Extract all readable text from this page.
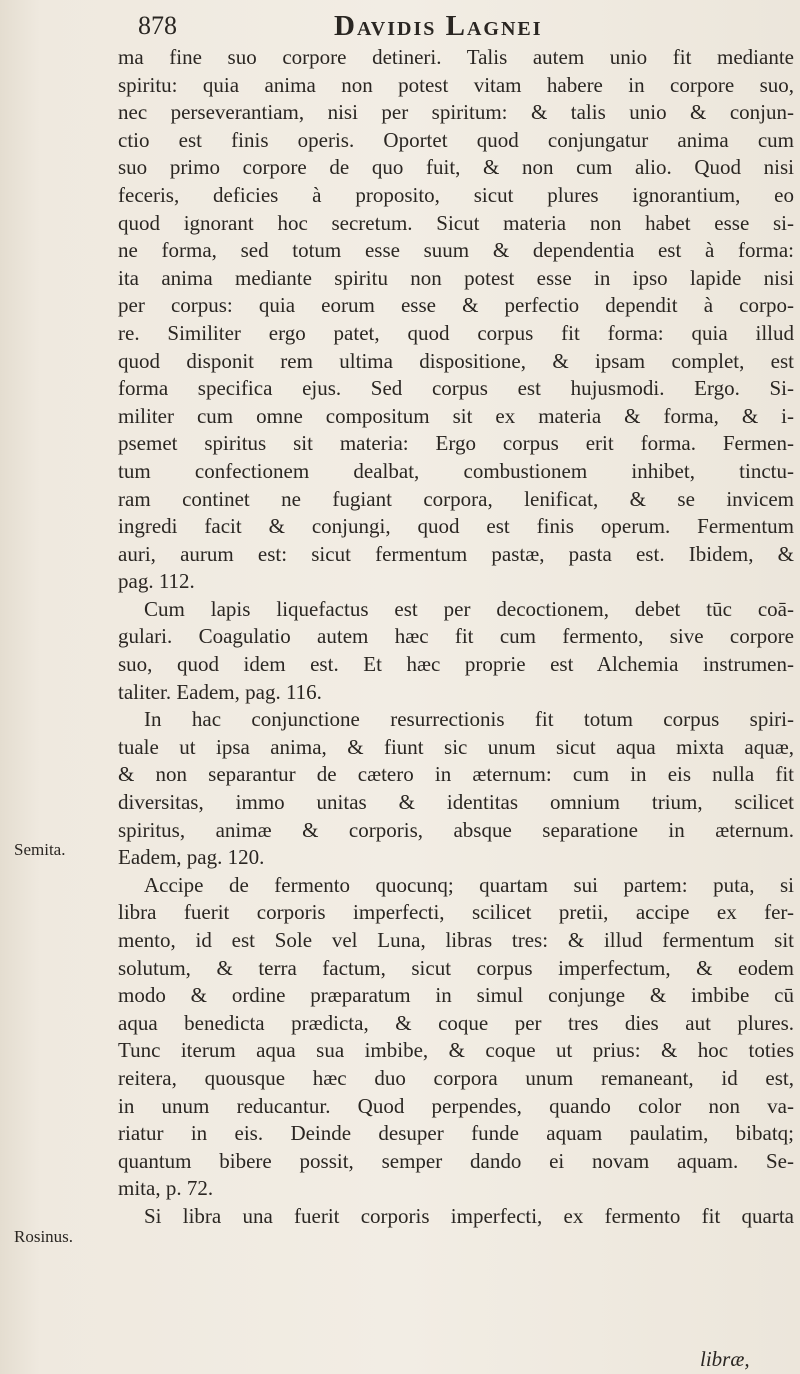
878	Davidis Lagnei
ma fine suo corpore detineri. Talis autem unio fit mediante
spiritu: quia anima non potest vitam habere in corpore suo,
nec perseverantiam, nisi per spiritum: & talis unio & conjun-
ctio est finis operis. Oportet quod conjungatur anima cum
suo primo corpore de quo fuit, & non cum alio. Quod nisi
feceris, deficies à proposito, sicut plures ignorantium, eo
quod ignorant hoc secretum. Sicut materia non habet esse si-
ne forma, sed totum esse suum & dependentia est à forma:
ita anima mediante spiritu non potest esse in ipso lapide nisi
per corpus: quia eorum esse & perfectio dependit à corpo-
re. Similiter ergo patet, quod corpus fit forma: quia illud
quod disponit rem ultima dispositione, & ipsam complet, est
forma specifica ejus. Sed corpus est hujusmodi. Ergo. Si-
militer cum omne compositum sit ex materia & forma, & i-
psemet spiritus sit materia: Ergo corpus erit forma. Fermen-
tum confectionem dealbat, combustionem inhibet, tinctu-
ram continet ne fugiant corpora, lenificat, & se invicem
ingredi facit & conjungi, quod est finis operum. Fermentum
auri, aurum est: sicut fermentum pastæ, pasta est. Ibidem, &
pag. 112.
Cum lapis liquefactus est per decoctionem, debet tūc coā-
gulari. Coagulatio autem hæc fit cum fermento, sive corpore
suo, quod idem est. Et hæc proprie est Alchemia instrumen-
taliter. Eadem, pag. 116.
In hac conjunctione resurrectionis fit totum corpus spiri-
tuale ut ipsa anima, & fiunt sic unum sicut aqua mixta aquæ,
& non separantur de cætero in æternum: cum in eis nulla fit
diversitas, immo unitas & identitas omnium trium, scilicet
spiritus, animæ & corporis, absque separatione in æternum.
Eadem, pag. 120.
Accipe de fermento quocunq; quartam sui partem: puta, si
libra fuerit corporis imperfecti, scilicet pretii, accipe ex fer-
mento, id est Sole vel Luna, libras tres: & illud fermentum sit
solutum, & terra factum, sicut corpus imperfectum, & eodem
modo & ordine præparatum in simul conjunge & imbibe cū
aqua benedicta prædicta, & coque per tres dies aut plures.
Tunc iterum aqua sua imbibe, & coque ut prius: & hoc toties
reitera, quousque hæc duo corpora unum remaneant, id est,
in unum reducantur. Quod perpendes, quando color non va-
riatur in eis. Deinde desuper funde aquam paulatim, bibatq;
quantum bibere possit, semper dando ei novam aquam. Se-
mita, p. 72.
Si libra una fuerit corporis imperfecti, ex fermento fit quarta
Semita.
Rosinus.
libræ,
